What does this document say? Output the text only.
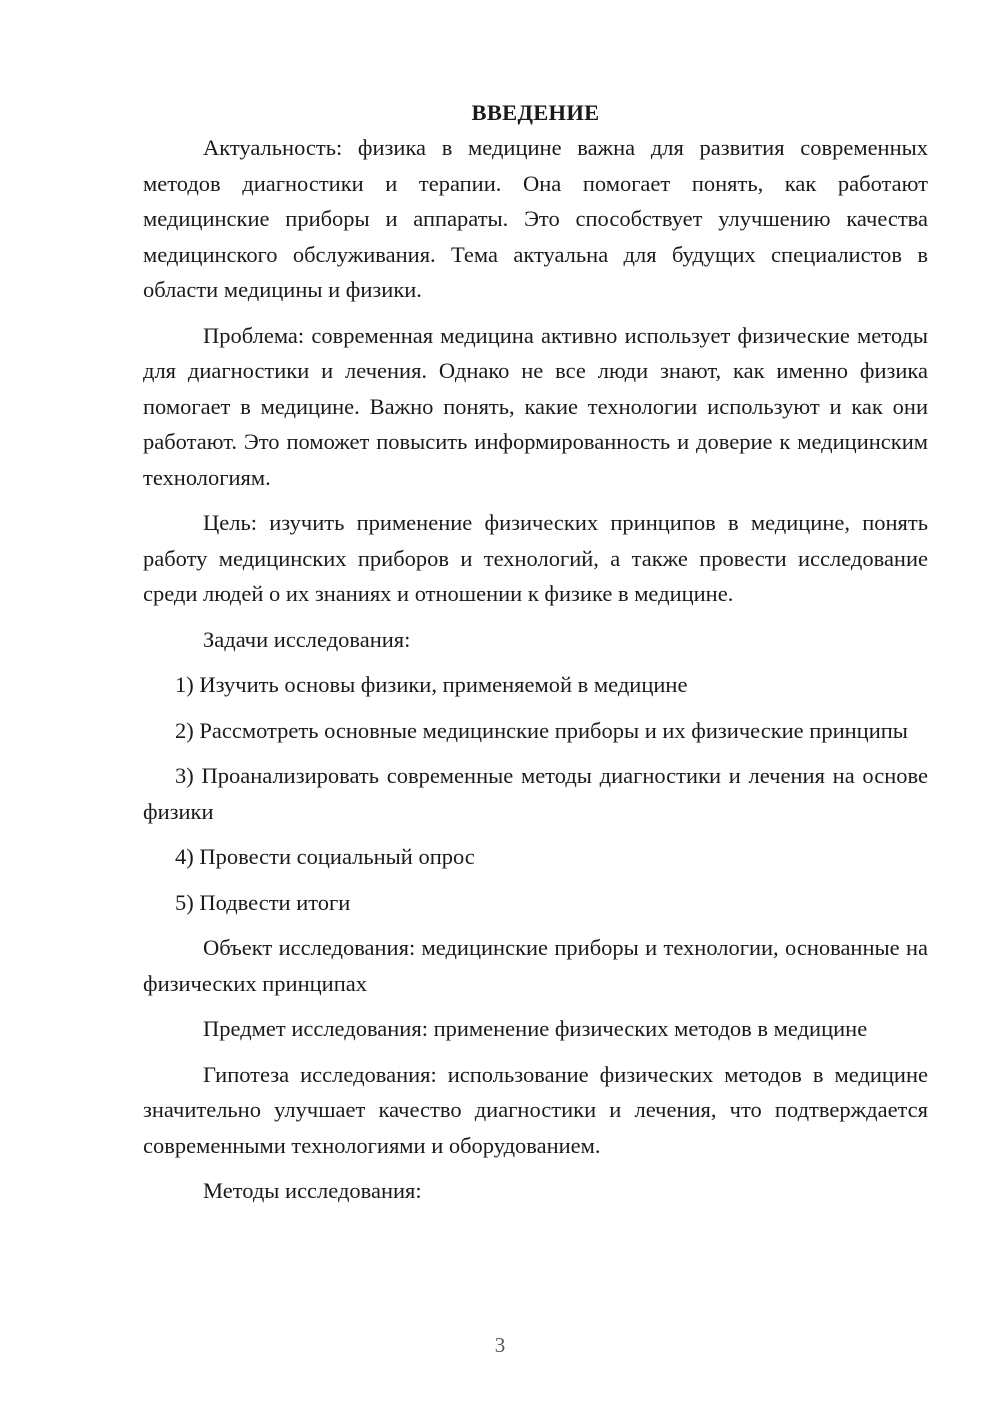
ВВЕДЕНИЕ

Актуальность: физика в медицине важна для развития современных методов диагностики и терапии. Она помогает понять, как работают медицинские приборы и аппараты. Это способствует улучшению качества медицинского обслуживания. Тема актуальна для будущих специалистов в области медицины и физики.

Проблема: современная медицина активно использует физические методы для диагностики и лечения. Однако не все люди знают, как именно физика помогает в медицине. Важно понять, какие технологии используют и как они работают. Это поможет повысить информированность и доверие к медицинским технологиям.

Цель: изучить применение физических принципов в медицине, понять работу медицинских приборов и технологий, а также провести исследование среди людей о их знаниях и отношении к физике в медицине.

Задачи исследования:

1) Изучить основы физики, применяемой в медицине

2) Рассмотреть основные медицинские приборы и их физические принципы

3) Проанализировать современные методы диагностики и лечения на основе физики

4) Провести социальный опрос

5) Подвести итоги

Объект исследования: медицинские приборы и технологии, основанные на физических принципах

Предмет исследования: применение физических методов в медицине

Гипотеза исследования: использование физических методов в медицине значительно улучшает качество диагностики и лечения, что подтверждается современными технологиями и оборудованием.

Методы исследования:

3
